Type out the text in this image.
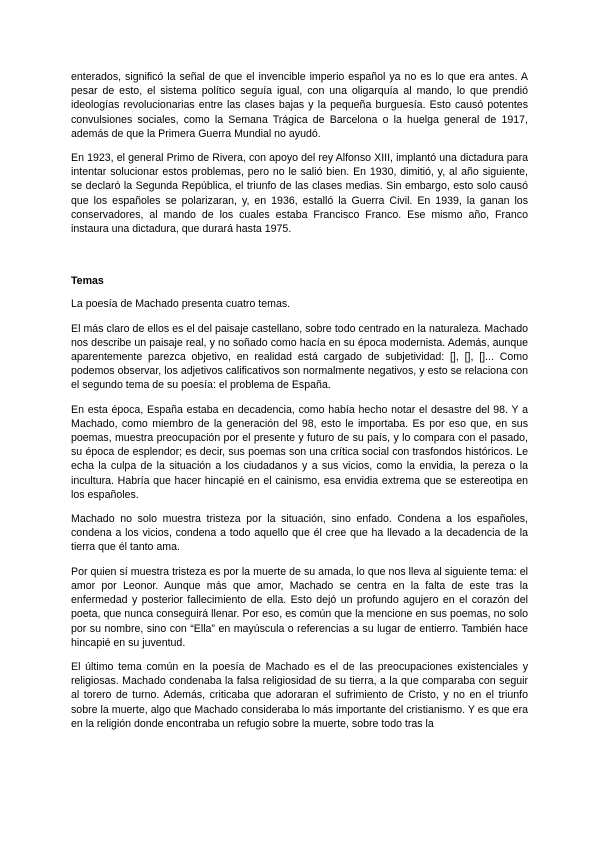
enterados, significó la señal de que el invencible imperio español ya no es lo que era antes. A pesar de esto, el sistema político seguía igual, con una oligarquía al mando, lo que prendió ideologías revolucionarias entre las clases bajas y la pequeña burguesía. Esto causó potentes convulsiones sociales, como la Semana Trágica de Barcelona o la huelga general de 1917, además de que la Primera Guerra Mundial no ayudó.

En 1923, el general Primo de Rivera, con apoyo del rey Alfonso XIII, implantó una dictadura para intentar solucionar estos problemas, pero no le salió bien. En 1930, dimitió, y, al año siguiente, se declaró la Segunda República, el triunfo de las clases medias. Sin embargo, esto solo causó que los españoles se polarizaran, y, en 1936, estalló la Guerra Civil. En 1939, la ganan los conservadores, al mando de los cuales estaba Francisco Franco. Ese mismo año, Franco instaura una dictadura, que durará hasta 1975.

Temas

La poesía de Machado presenta cuatro temas.

El más claro de ellos es el del paisaje castellano, sobre todo centrado en la naturaleza. Machado nos describe un paisaje real, y no soñado como hacía en su época modernista. Además, aunque aparentemente parezca objetivo, en realidad está cargado de subjetividad: [], [], []... Como podemos observar, los adjetivos calificativos son normalmente negativos, y esto se relaciona con el segundo tema de su poesía: el problema de España.

En esta época, España estaba en decadencia, como había hecho notar el desastre del 98. Y a Machado, como miembro de la generación del 98, esto le importaba. Es por eso que, en sus poemas, muestra preocupación por el presente y futuro de su país, y lo compara con el pasado, su época de esplendor; es decir, sus poemas son una crítica social con trasfondos históricos. Le echa la culpa de la situación a los ciudadanos y a sus vicios, como la envidia, la pereza o la incultura. Habría que hacer hincapié en el cainismo, esa envidia extrema que se estereotipa en los españoles.

Machado no solo muestra tristeza por la situación, sino enfado. Condena a los españoles, condena a los vicios, condena a todo aquello que él cree que ha llevado a la decadencia de la tierra que él tanto ama.

Por quien sí muestra tristeza es por la muerte de su amada, lo que nos lleva al siguiente tema: el amor por Leonor. Aunque más que amor, Machado se centra en la falta de este tras la enfermedad y posterior fallecimiento de ella. Esto dejó un profundo agujero en el corazón del poeta, que nunca conseguirá llenar. Por eso, es común que la mencione en sus poemas, no solo por su nombre, sino con “Ella” en mayúscula o referencias a su lugar de entierro. También hace hincapié en su juventud.

El último tema común en la poesía de Machado es el de las preocupaciones existenciales y religiosas. Machado condenaba la falsa religiosidad de su tierra, a la que comparaba con seguir al torero de turno. Además, criticaba que adoraran el sufrimiento de Cristo, y no en el triunfo sobre la muerte, algo que Machado consideraba lo más importante del cristianismo. Y es que era en la religión donde encontraba un refugio sobre la muerte, sobre todo tras la
